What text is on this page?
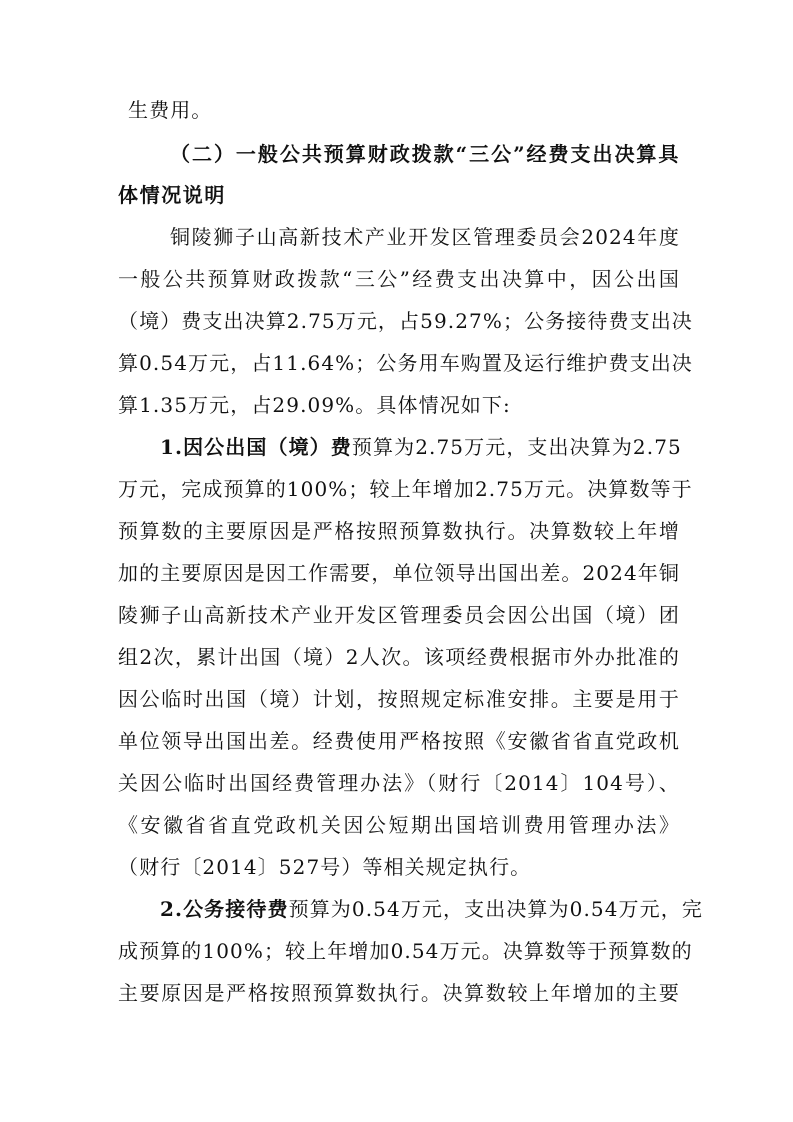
生费用。
（二）一般公共预算财政拨款“三公”经费支出决算具
体情况说明
铜陵狮子山高新技术产业开发区管理委员会2024年度
一般公共预算财政拨款“三公”经费支出决算中，因公出国
（境）费支出决算2.75万元，占59.27%；公务接待费支出决
算0.54万元，占11.64%；公务用车购置及运行维护费支出决
算1.35万元，占29.09%。具体情况如下:
1.因公出国（境）费预算为2.75万元，支出决算为2.75
万元，完成预算的100%；较上年增加2.75万元。决算数等于
预算数的主要原因是严格按照预算数执行。决算数较上年增
加的主要原因是因工作需要，单位领导出国出差。2024年铜
陵狮子山高新技术产业开发区管理委员会因公出国（境）团
组2次，累计出国（境）2人次。该项经费根据市外办批准的
因公临时出国（境）计划，按照规定标准安排。主要是用于
单位领导出国出差。经费使用严格按照《安徽省省直党政机
关因公临时出国经费管理办法》（财行〔2014〕104号）、
《安徽省省直党政机关因公短期出国培训费用管理办法》
（财行〔2014〕527号）等相关规定执行。
2.公务接待费预算为0.54万元，支出决算为0.54万元，完
成预算的100%；较上年增加0.54万元。决算数等于预算数的
主要原因是严格按照预算数执行。决算数较上年增加的主要
